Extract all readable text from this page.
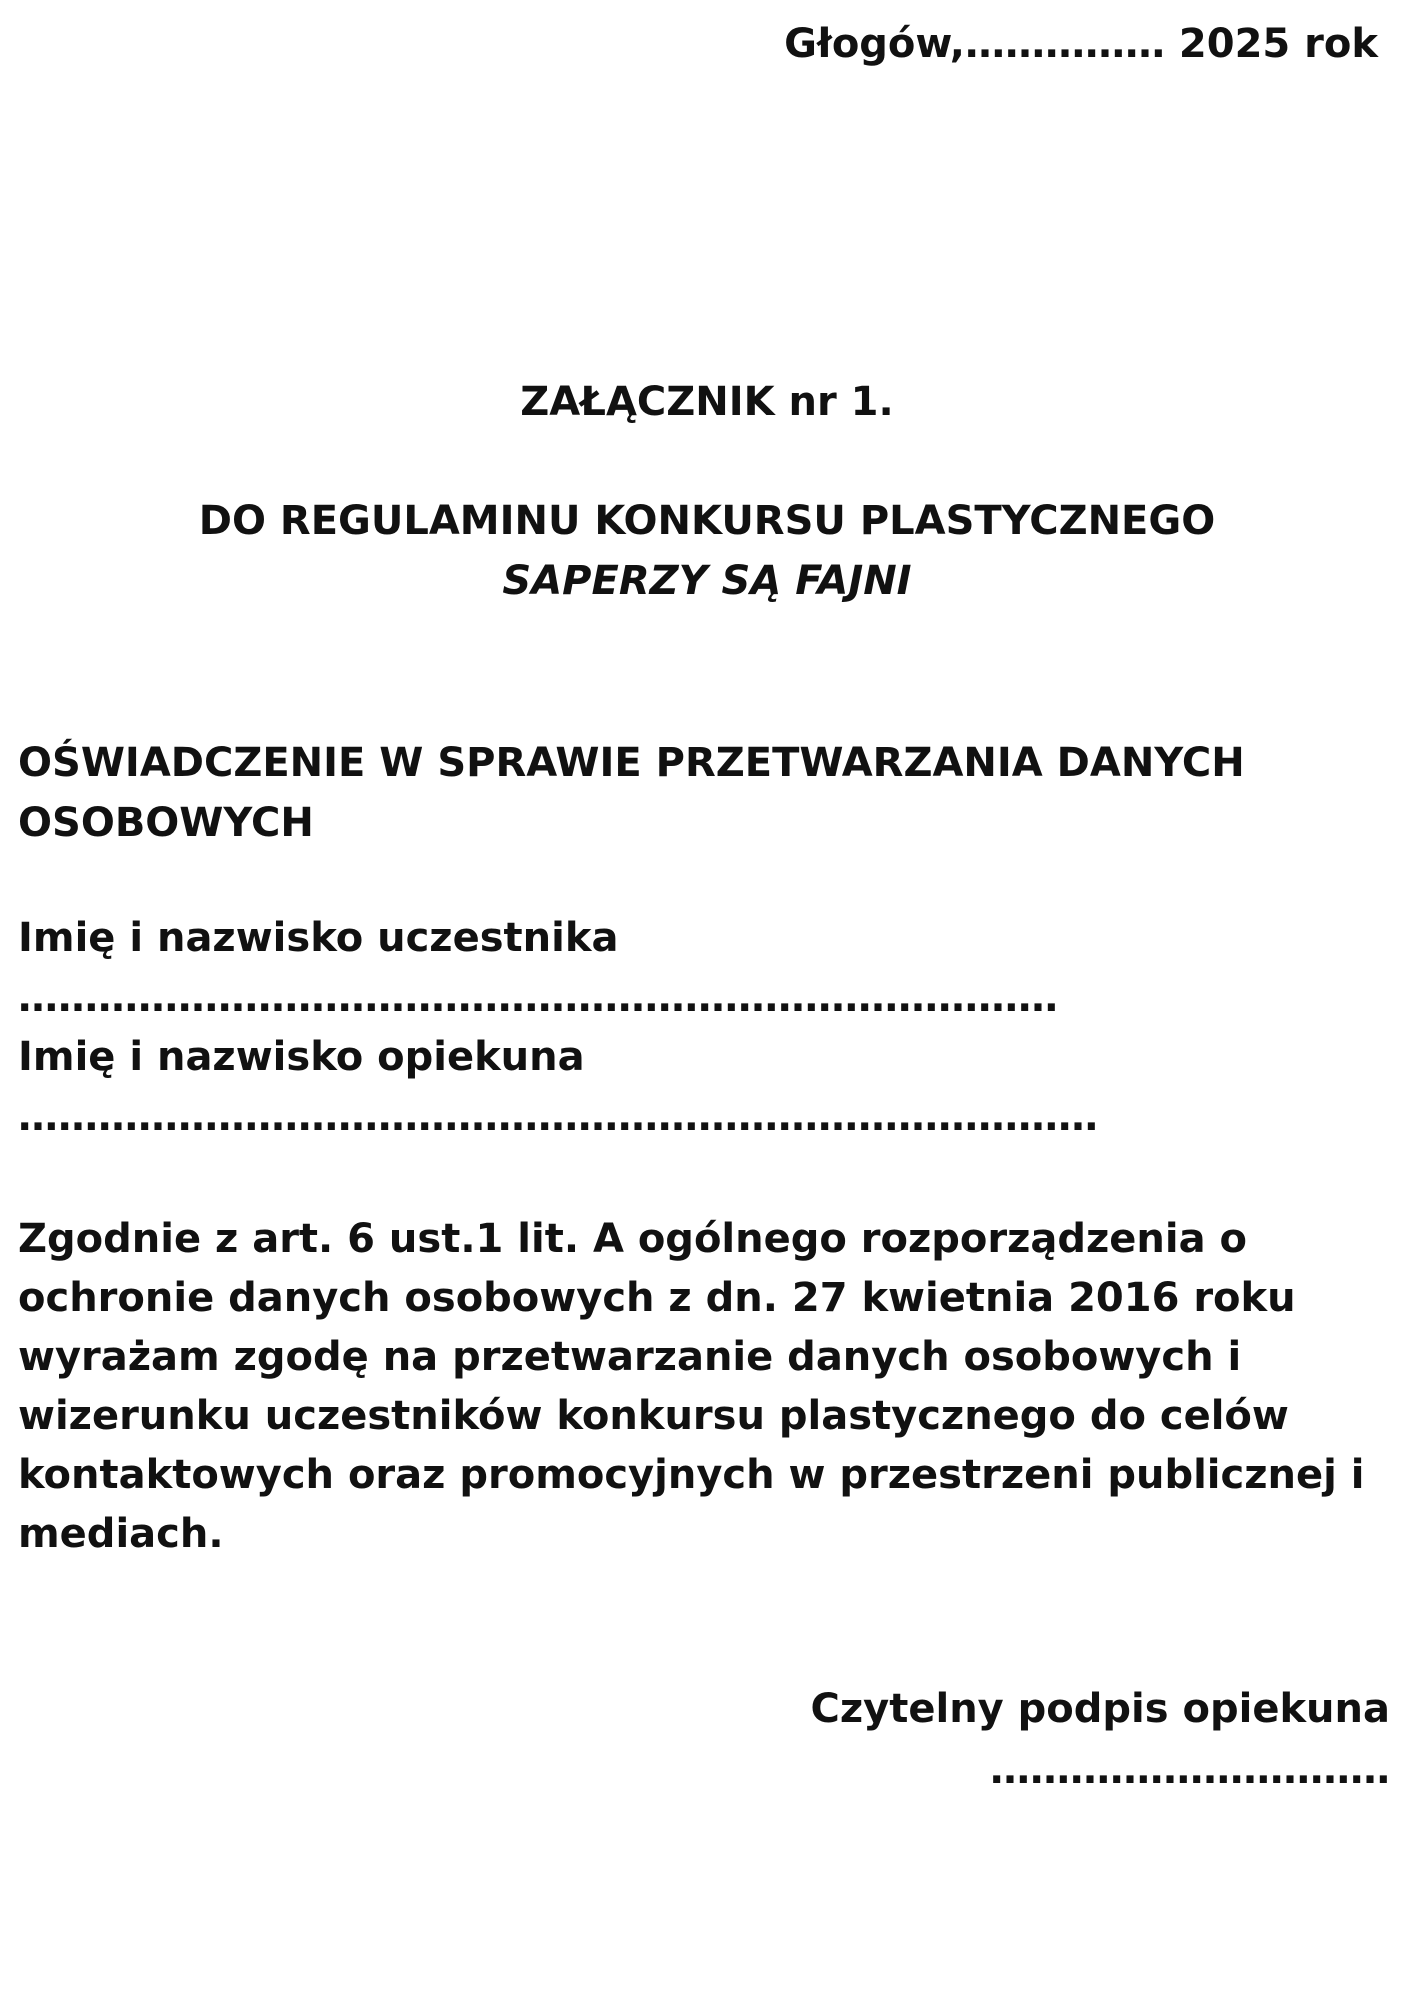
Głogów,…………… 2025 rok
ZAŁĄCZNIK nr 1.
DO REGULAMINU KONKURSU PLASTYCZNEGO
SAPERZY SĄ FAJNI
OŚWIADCZENIE W SPRAWIE PRZETWARZANIA DANYCH OSOBOWYCH
Imię i nazwisko uczestnika
……………………………………………………………………
Imię i nazwisko opiekuna
………………………………………………………………………
Zgodnie z art. 6 ust.1 lit. A ogólnego rozporządzenia o ochronie danych osobowych z dn. 27 kwietnia 2016 roku wyrażam zgodę na przetwarzanie danych osobowych i wizerunku uczestników konkursu plastycznego do celów kontaktowych oraz promocyjnych w przestrzeni publicznej i mediach.
Czytelny podpis opiekuna
…………………………
